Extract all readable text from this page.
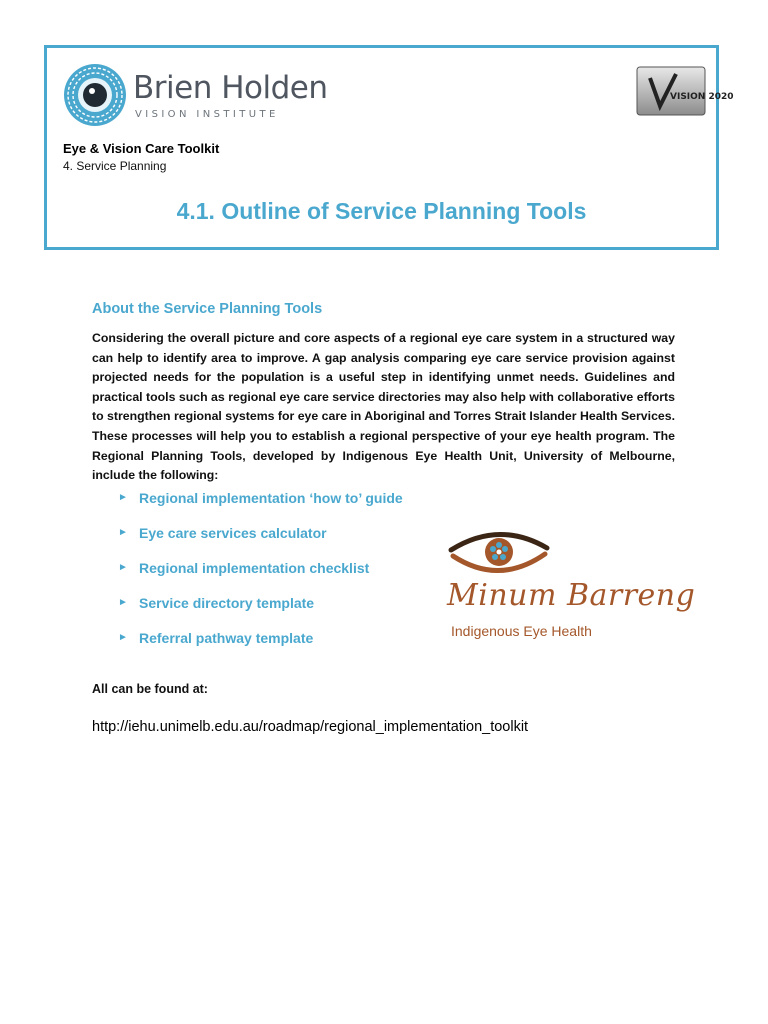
Brien Holden
VISION INSTITUTE
VISION 2020
Eye & Vision Care Toolkit
4. Service Planning
4.1. Outline of Service Planning Tools
About the Service Planning Tools

Considering the overall picture and core aspects of a regional eye care system in a structured way can help to identify area to improve. A gap analysis comparing eye care service provision against projected needs for the population is a useful step in identifying unmet needs. Guidelines and practical tools such as regional eye care service directories may also help with collaborative efforts to strengthen regional systems for eye care in Aboriginal and Torres Strait Islander Health Services. These processes will help you to establish a regional perspective of your eye health program. The Regional Planning Tools, developed by Indigenous Eye Health Unit, University of Melbourne, include the following:

► Regional implementation ‘how to’ guide
► Eye care services calculator
► Regional implementation checklist
► Service directory template
► Referral pathway template
Minum Barreng
Indigenous Eye Health
All can be found at:
http://iehu.unimelb.edu.au/roadmap/regional_implementation_toolkit
